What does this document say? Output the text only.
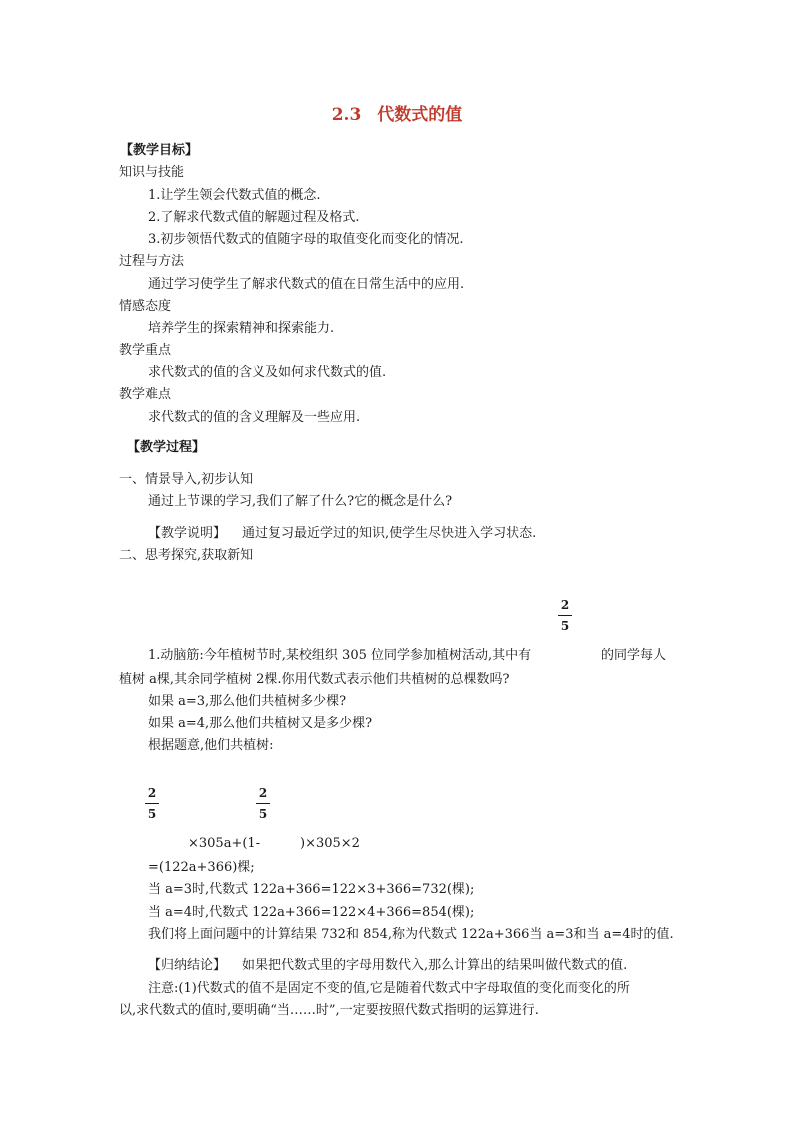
2.3 代数式的值
【教学目标】
知识与技能
1.让学生领会代数式值的概念.
2.了解求代数式值的解题过程及格式.
3.初步领悟代数式的值随字母的取值变化而变化的情况.
过程与方法
通过学习使学生了解求代数式的值在日常生活中的应用.
情感态度
培养学生的探索精神和探索能力.
教学重点
求代数式的值的含义及如何求代数式的值.
教学难点
求代数式的值的含义理解及一些应用.
【教学过程】
一、情景导入,初步认知
通过上节课的学习,我们了解了什么?它的概念是什么?
【教学说明】 通过复习最近学过的知识,使学生尽快进入学习状态.
二、思考探究,获取新知
2
5
1.动脑筋:今年植树节时,某校组织 305 位同学参加植树活动,其中有	的同学每人
植树 a棵,其余同学植树 2棵.你用代数式表示他们共植树的总棵数吗?
如果 a=3,那么他们共植树多少棵?
如果 a=4,那么他们共植树又是多少棵?
根据题意,他们共植树:
2
5
2
5
×305a+(1-	)×305×2
=(122a+366)棵;
当 a=3时,代数式 122a+366=122×3+366=732(棵);
当 a=4时,代数式 122a+366=122×4+366=854(棵);
我们将上面问题中的计算结果 732和 854,称为代数式 122a+366当 a=3和当 a=4时的值.
【归纳结论】 如果把代数式里的字母用数代入,那么计算出的结果叫做代数式的值.
注意:(1)代数式的值不是固定不变的值,它是随着代数式中字母取值的变化而变化的所
以,求代数式的值时,要明确“当……时”,一定要按照代数式指明的运算进行.
